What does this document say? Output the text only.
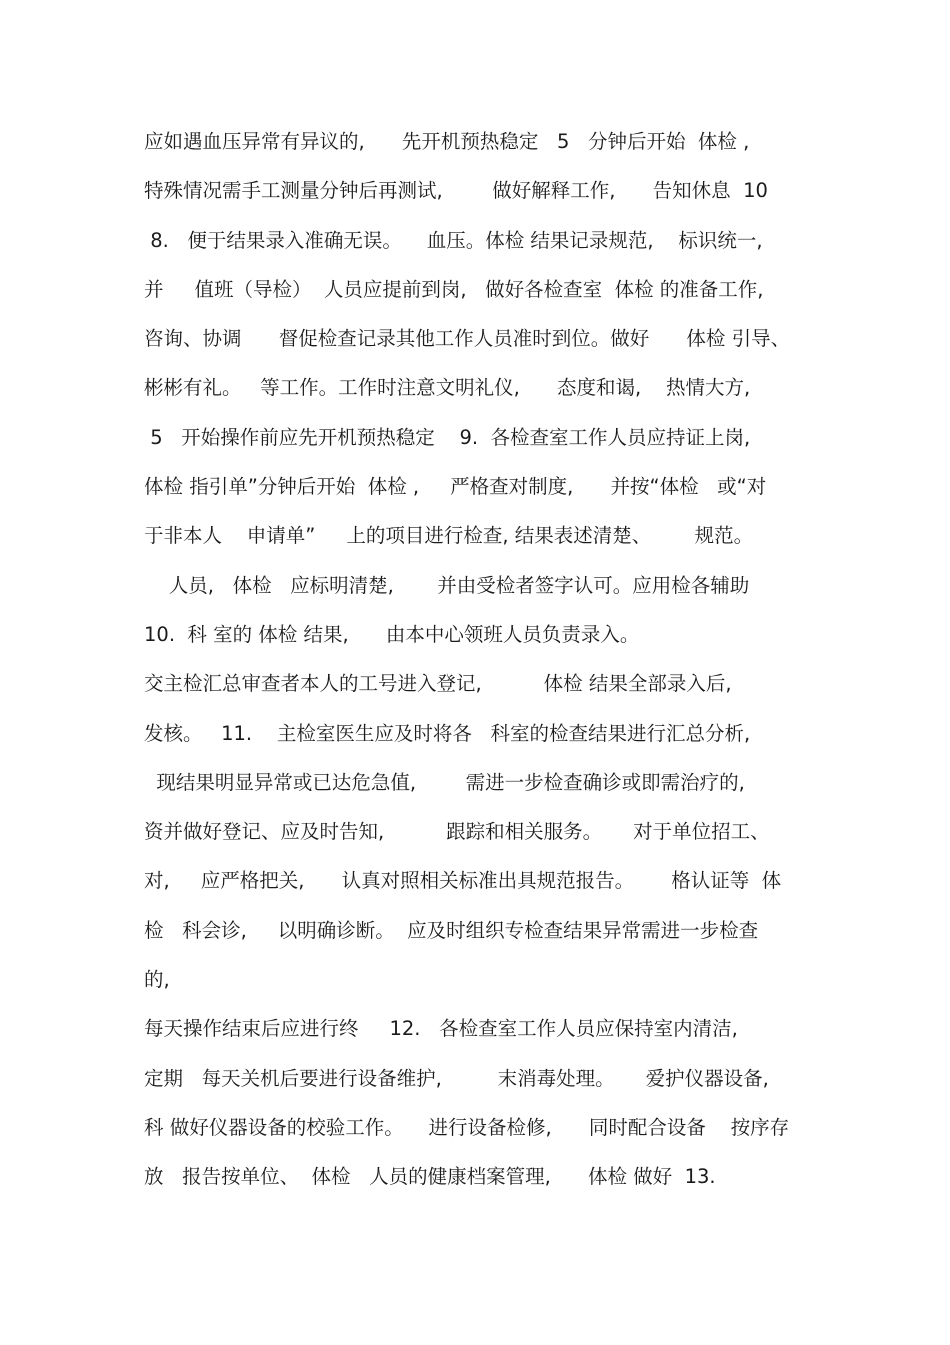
应如遇血压异常有异议的,      先开机预热稳定   5   分钟后开始  体检 ,
特殊情况需手工测量分钟后再测试,        做好解释工作,      告知休息  10
8.   便于结果录入准确无误。    血压。体检 结果记录规范,    标识统一,
并     值班（导检）  人员应提前到岗,   做好各检查室  体检 的准备工作,
咨询、协调      督促检查记录其他工作人员准时到位。做好      体检 引导、
彬彬有礼。   等工作。工作时注意文明礼仪,      态度和谒,    热情大方,
5   开始操作前应先开机预热稳定    9.  各检查室工作人员应持证上岗,
体检 指引单”分钟后开始  体检 ,     严格查对制度,      并按“体检   或“对
于非本人    申请单”     上的项目进行检查, 结果表述清楚、       规范。
人员,   体检   应标明清楚,       并由受检者签字认可。应用检各辅助
10.  科 室的 体检 结果,      由本中心领班人员负责录入。
交主检汇总审查者本人的工号进入登记,          体检 结果全部录入后,
发核。   11.    主检室医生应及时将各   科室的检查结果进行汇总分析,
现结果明显异常或已达危急值,        需进一步检查确诊或即需治疗的,
资并做好登记、应及时告知,          跟踪和相关服务。     对于单位招工、
对,     应严格把关,      认真对照相关标准出具规范报告。      格认证等  体
检   科会诊,     以明确诊断。  应及时组织专检查结果异常需进一步检查
的,
每天操作结束后应进行终     12.   各检查室工作人员应保持室内清洁,
定期   每天关机后要进行设备维护,         末消毒处理。     爱护仪器设备,
科 做好仪器设备的校验工作。    进行设备检修,      同时配合设备    按序存
放   报告按单位、  体检   人员的健康档案管理,      体检 做好  13.
